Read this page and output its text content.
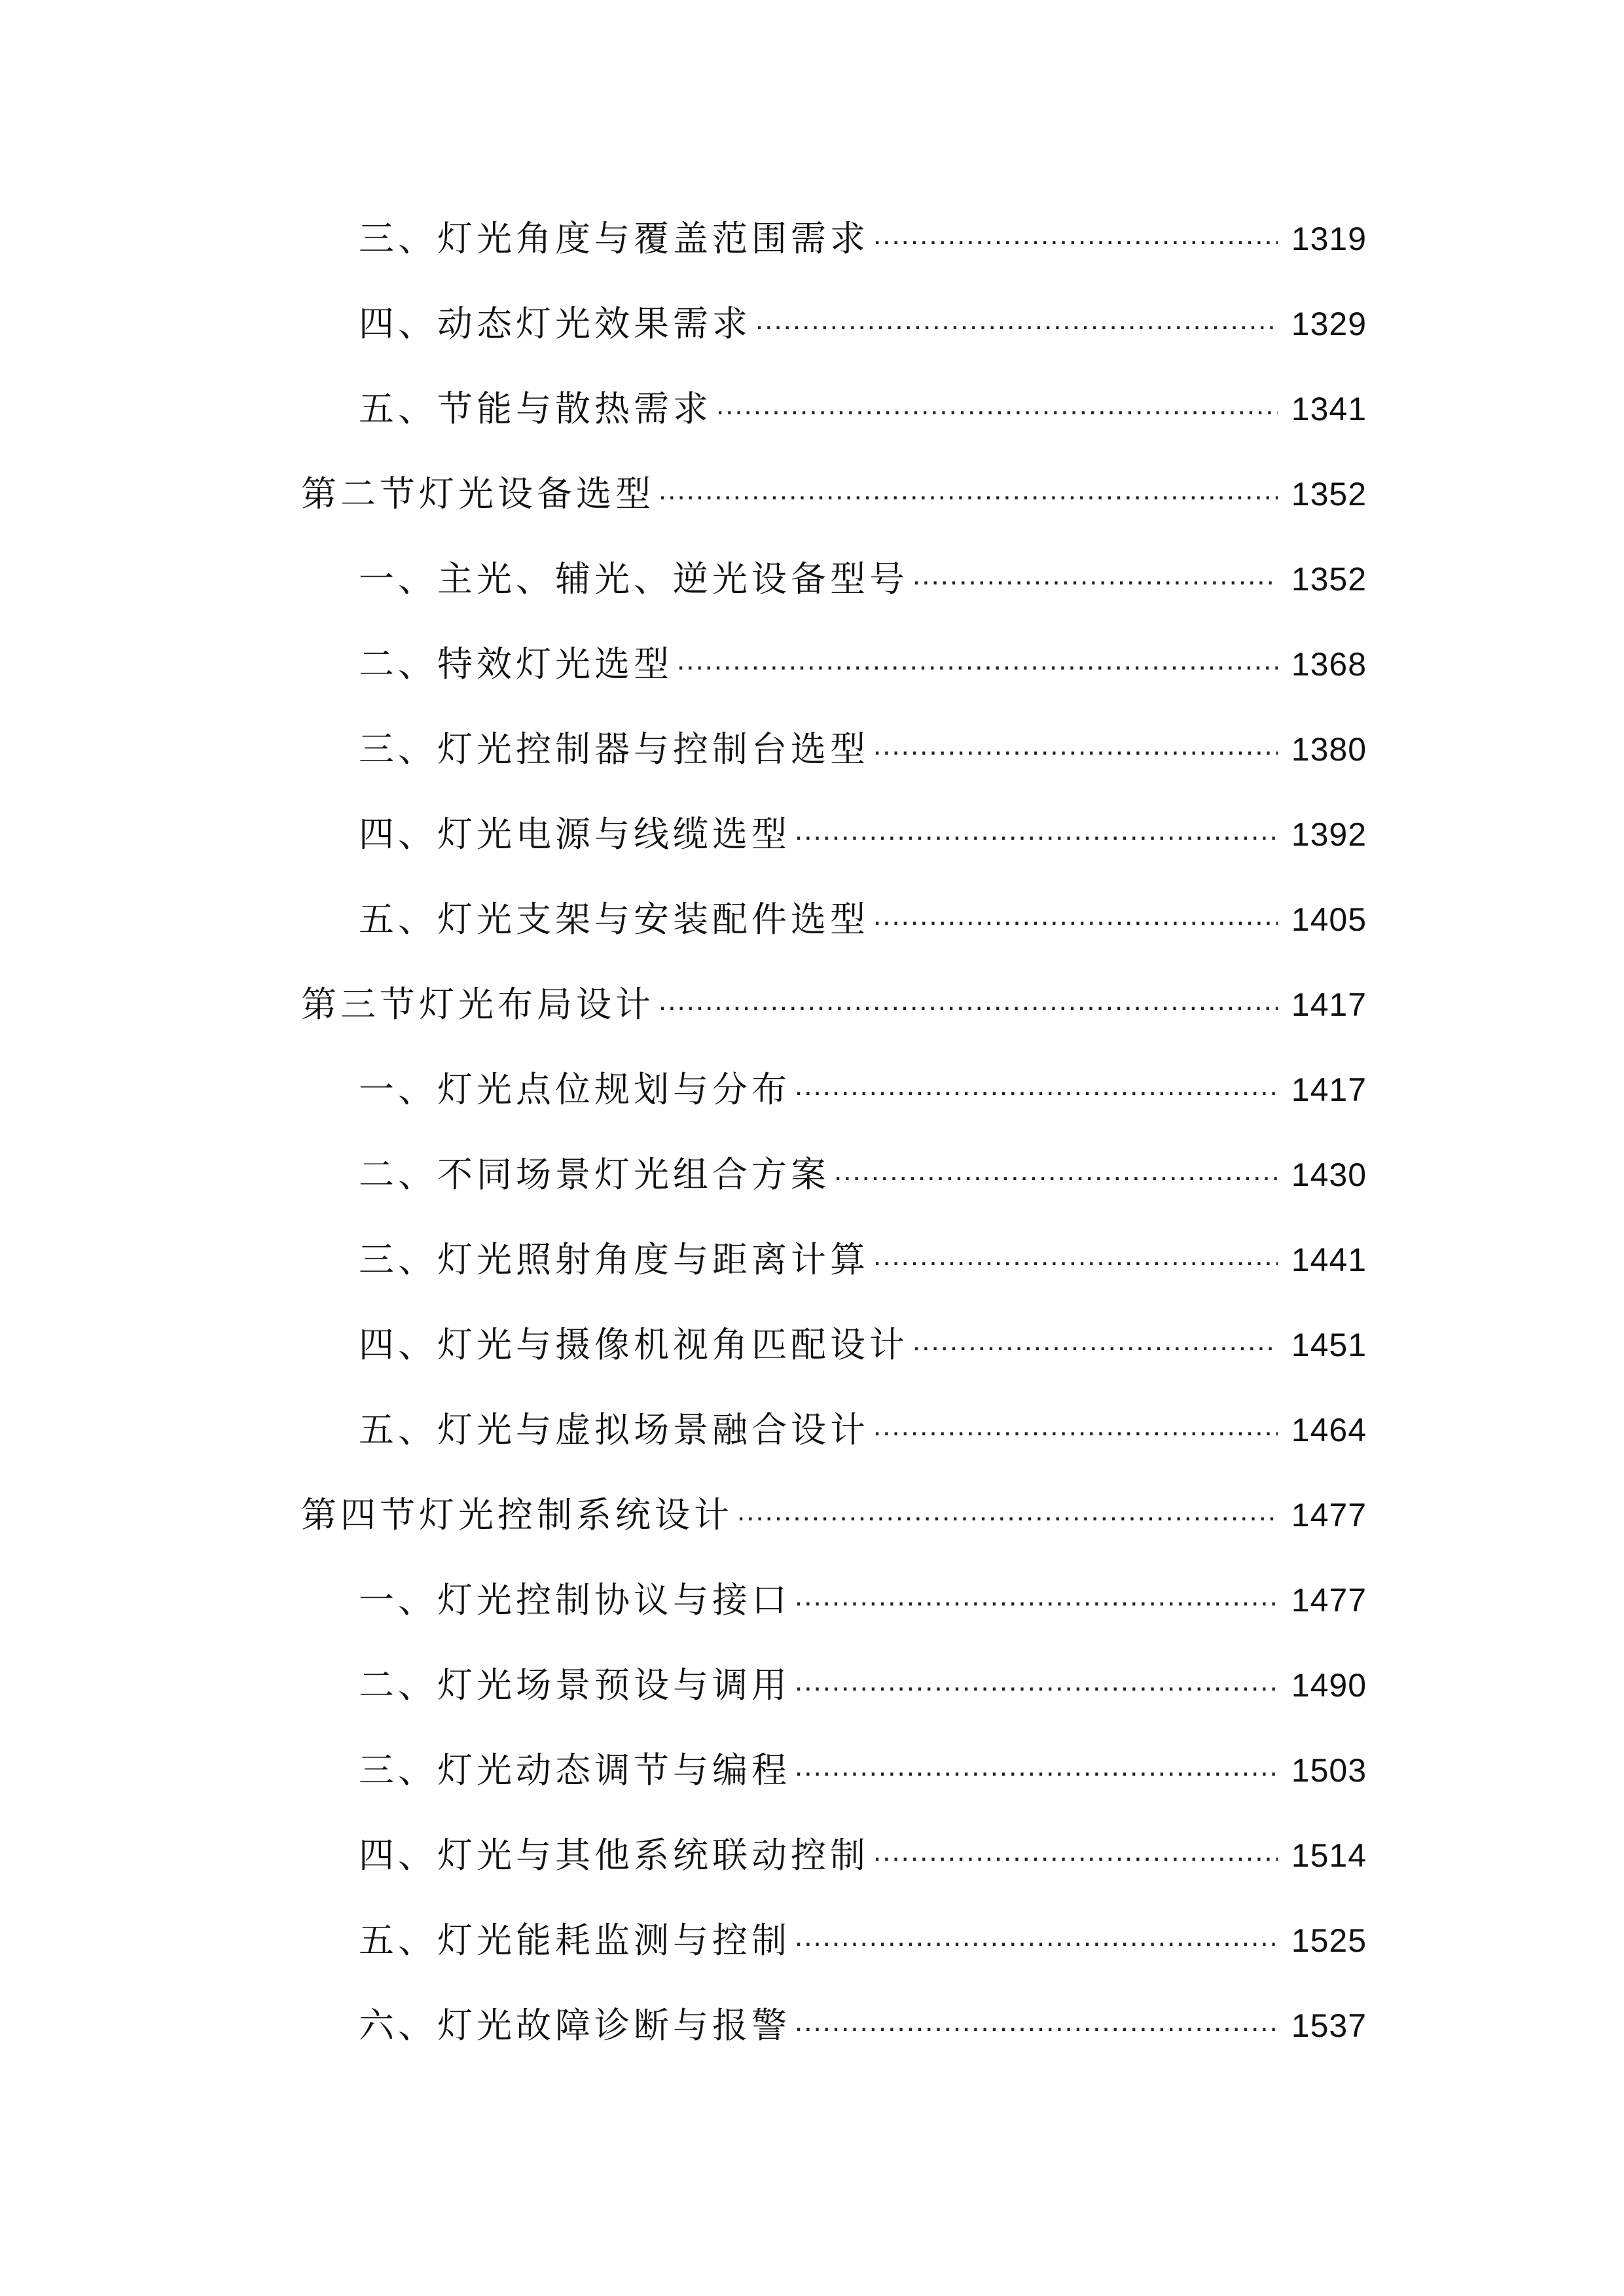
三、灯光角度与覆盖范围需求 .....	1319
四、动态灯光效果需求 .....	1329
五、节能与散热需求 .....	1341
第二节灯光设备选型 .....	1352
一、主光、辅光、逆光设备型号 .....	1352
二、特效灯光选型 .....	1368
三、灯光控制器与控制台选型 .....	1380
四、灯光电源与线缆选型 .....	1392
五、灯光支架与安装配件选型 .....	1405
第三节灯光布局设计 .....	1417
一、灯光点位规划与分布 .....	1417
二、不同场景灯光组合方案 .....	1430
三、灯光照射角度与距离计算 .....	1441
四、灯光与摄像机视角匹配设计 .....	1451
五、灯光与虚拟场景融合设计 .....	1464
第四节灯光控制系统设计 .....	1477
一、灯光控制协议与接口 .....	1477
二、灯光场景预设与调用 .....	1490
三、灯光动态调节与编程 .....	1503
四、灯光与其他系统联动控制 .....	1514
五、灯光能耗监测与控制 .....	1525
六、灯光故障诊断与报警 .....	1537
